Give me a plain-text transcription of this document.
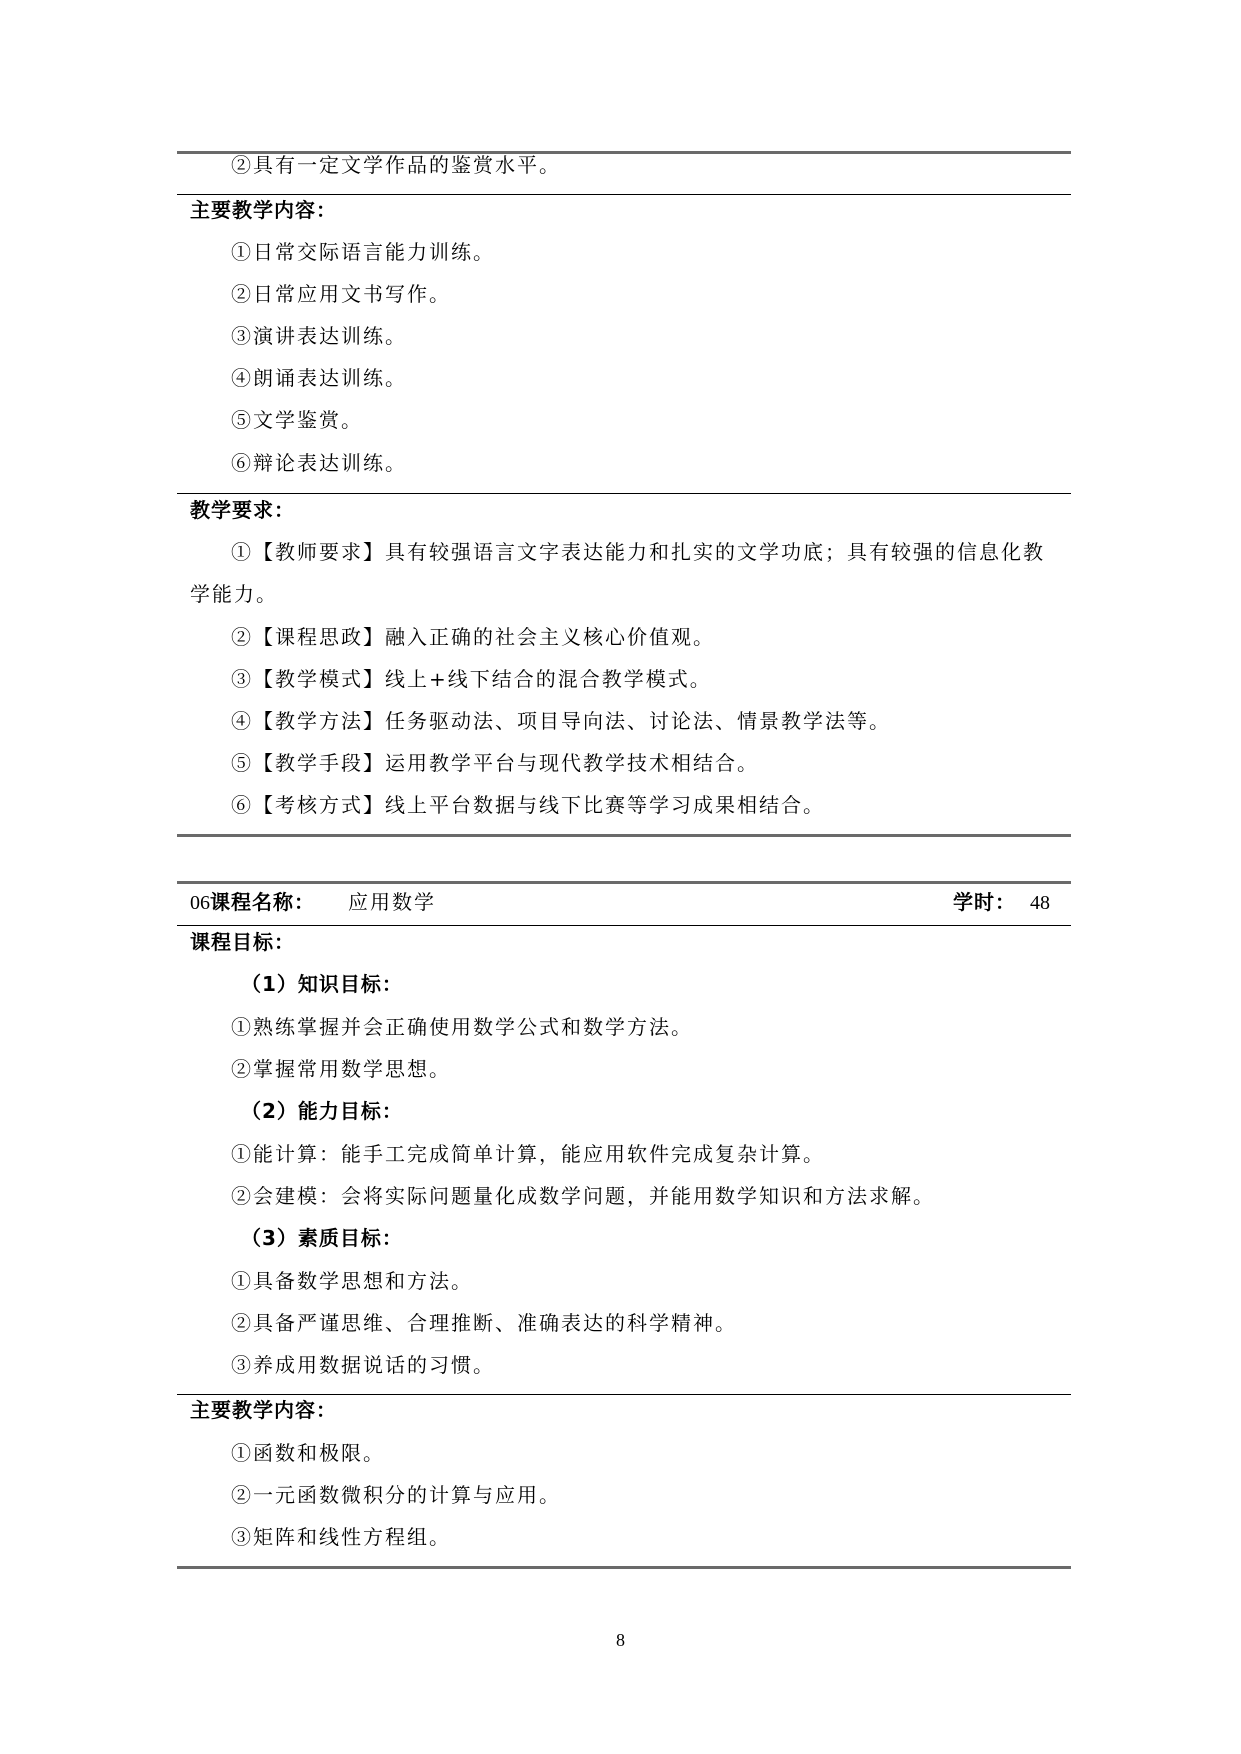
②具有一定文学作品的鉴赏水平。
主要教学内容：
①日常交际语言能力训练。
②日常应用文书写作。
③演讲表达训练。
④朗诵表达训练。
⑤文学鉴赏。
⑥辩论表达训练。
教学要求：
①【教师要求】具有较强语言文字表达能力和扎实的文学功底；具有较强的信息化教学能力。
②【课程思政】融入正确的社会主义核心价值观。
③【教学模式】线上+线下结合的混合教学模式。
④【教学方法】任务驱动法、项目导向法、讨论法、情景教学法等。
⑤【教学手段】运用教学平台与现代教学技术相结合。
⑥【考核方式】线上平台数据与线下比赛等学习成果相结合。
06课程名称： 应用数学	学时： 48
课程目标：
（1）知识目标：
①熟练掌握并会正确使用数学公式和数学方法。
②掌握常用数学思想。
（2）能力目标：
①能计算：能手工完成简单计算，能应用软件完成复杂计算。
②会建模：会将实际问题量化成数学问题，并能用数学知识和方法求解。
（3）素质目标：
①具备数学思想和方法。
②具备严谨思维、合理推断、准确表达的科学精神。
③养成用数据说话的习惯。
主要教学内容：
①函数和极限。
②一元函数微积分的计算与应用。
③矩阵和线性方程组。
8
